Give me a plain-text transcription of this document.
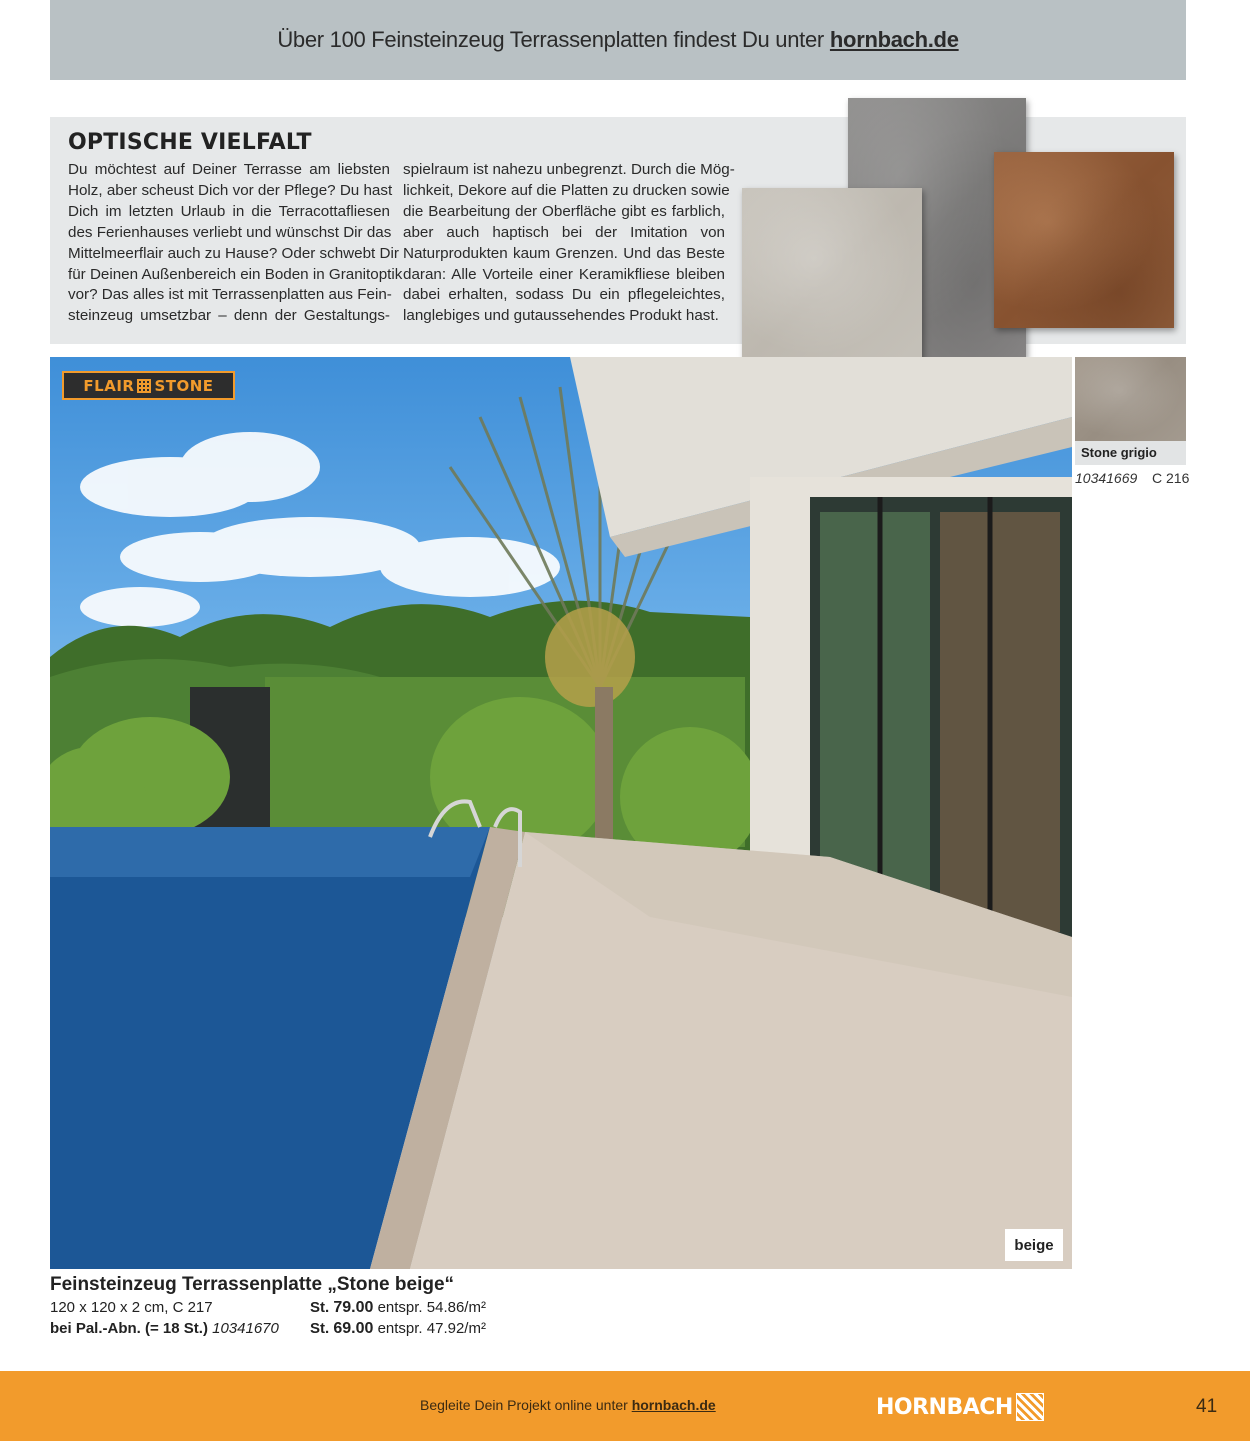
Über 100 Feinsteinzeug Terrassenplatten findest Du unter hornbach.de
OPTISCHE VIELFALT
Du möchtest auf Deiner Terrasse am liebsten
Holz, aber scheust Dich vor der Pflege? Du hast
Dich im letzten Urlaub in die Terracottafliesen
des Ferienhauses verliebt und wünschst Dir das
Mittelmeerflair auch zu Hause? Oder schwebt Dir
für Deinen Außenbereich ein Boden in Granitoptik
vor? Das alles ist mit Terrassenplatten aus Fein-
steinzeug umsetzbar – denn der Gestaltungs-
spielraum ist nahezu unbegrenzt. Durch die Mög-
lichkeit, Dekore auf die Platten zu drucken sowie
die Bearbeitung der Oberfläche gibt es farblich,
aber auch haptisch bei der Imitation von
Naturprodukten kaum Grenzen. Und das Beste
daran: Alle Vorteile einer Keramikfliese bleiben
dabei erhalten, sodass Du ein pflegeleichtes,
langlebiges und gutaussehendes Produkt hast.
FLAIR STONE
beige
Stone grigio
10341669 C 216
Feinsteinzeug Terrassenplatte „Stone beige“
120 x 120 x 2 cm, C 217
bei Pal.-Abn. (= 18 St.) 10341670
St. 79.00 entspr. 54.86/m²
St. 69.00 entspr. 47.92/m²
Begleite Dein Projekt online unter hornbach.de	HORNBACH	41
